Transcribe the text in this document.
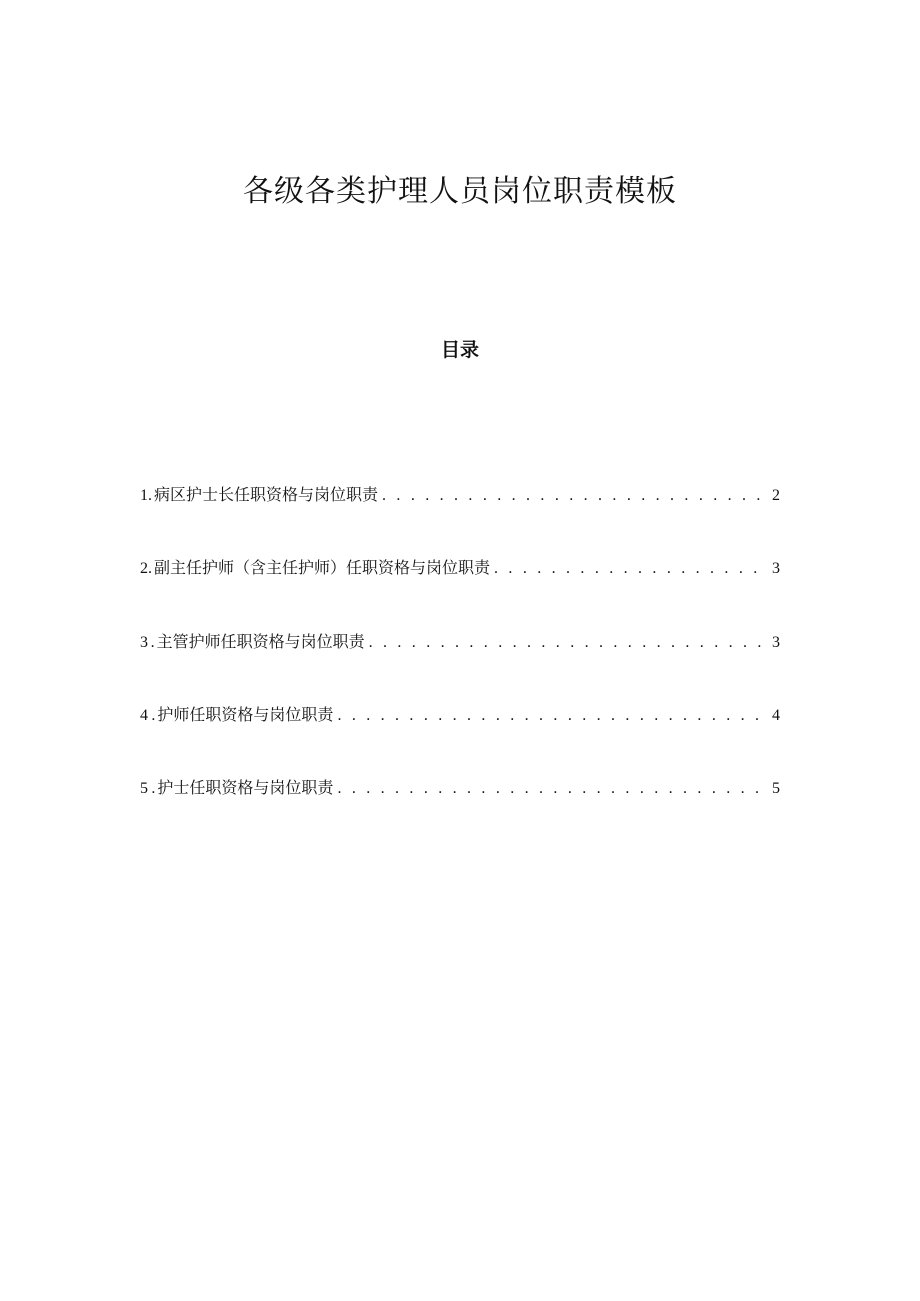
各级各类护理人员岗位职责模板
目录
1 . 病区护士长任职资格与岗位职责 . . .	2
2 . 副主任护师（含主任护师）任职资格与岗位职责 . . .	3
3 . 主管护师任职资格与岗位职责 . . .	3
4 . 护师任职资格与岗位职责 . . .	4
5 . 护士任职资格与岗位职责 . . .	5
